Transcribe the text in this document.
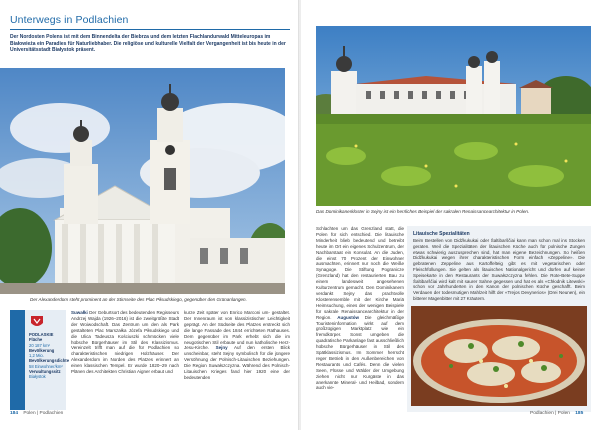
Unterwegs in Podlachien
Der Nordosten Polens ist mit dem Binnendelta der Biebrza und dem letzten Flachlandurwald Mitteleuropas im Białowieża ein Paradies für Naturliebhaber. Die religiöse und kulturelle Vielfalt der Vergangenheit ist bis heute in der Universitätsstadt Białystok präsent.
Der Alexanderdom steht prominent an der Stirnseite des Plac Piłsudskiego, gegenüber den Grünanlangen.
INFO
PODLASKIE
Fläche
20 187 km²
Bevölkerung
1,2 Mio.
Bevölkerungsdichte
58 Einwohner/km²
Verwaltungssitz
Białystok
Suwałki Der Geburtsort des bedeutenden Regisseurs Andrzej Wajda (1926–2016) ist die zweitgrößte Stadt der Woiwodschaft. Das Zentrum um den als Park gestalteten Plac Marszałka Józefa Piłsudskiego und die Ulica Tadeusza Kościuszki schmücken viele hübsche Bürgerhäuser im Stil des Klassizismus. Vereinzelt trifft man auf die für Podlachien so charakteristischen niedrigen Holzhäuser. Der Alexanderdom im Norden des Platzes erinnert an einen klassischen Tempel. Er wurde 1820–29 nach Plänen des Architekten Christian Aigner erbaut und
kurze Zeit später von Enrico Marconi um- gestaltet. Der Innenraum ist von klassizistischer Leichtigkeit geprägt. An der Südseite des Platzes erstreckt sich die lange Fassade des 1844 errichteten Rathauses. Dem gegenüber im Park erhebt sich die im neugotischen Stil erbaute und nun katholische Herz-Jesu-Kirche. Sejny Auf den ersten Blick unscheinbar, steht Sejny symbolisch für die jüngere Versöhnung der Polnisch-Litauischen Beziehungen. Die Region Suwałszczyzna. Während des Polnisch-Litauischen Krieges fand hier 1920 eine der bedeutenden
184 Polen | Podlachien
Das Dominikanerkloster in Sejny ist ein herrliches Beispiel der sakralen Renaissancearchitektur in Polen.
Schlachten um das Grenzland statt, die Polen für sich entschied. Die litauische Minderheit blieb bedeutend und betreibt heute im Ort ein eigenes Schulzentrum, der Nachbarstaat ein Konsulat. An die Juden, die einst 70 Prozent der Einwohner ausmachten, erinnert nur noch die Weiße Synagoge. Die Stiftung Pogranicze (Grenzland) hat den restaurierten Bau zu einem landesweit angesehenen Kulturzentrum gemacht. Den Dominikanern verdankt Sejny das prachtvolle Klosterensemble mit der Kirche Mariä Heimsuchung, eines der wenigen Beispiele für sakrale Renaissancearchitektur in der Region. Augustów Die gleichmäßige Touristeninformation wirkt auf dem großzügigen Marktplatz wie ein fremdkörper. Sonst umgeben die quadratische Parkanlage fast ausschließlich hübsche Bürgerhäuser in Stil des Spätklassizismus. Im Sommer herrscht reger Betrieb in den Außenbereichen von Restaurants und Cafés. Denn die vielen Seen, Flüsse und Wälder der Umgebung ziehen nicht nur Kurgäste in das anerkannte Mineral- und Heilbad, sondern auch vie-
Litauische Spezialitäten
Beim Bestellen von Didźkukukai oder Šaltibarščiai kann man schon mal ins Stocken geraten. Weil die Spezialitäten der litauischen Küche auch für polnische Zungen etwas schwierig auszusprechen sind, hat man eigene Bezeichnungen. So heißen Didźkukukai wegen ihrer charakteristischen Form einfach «Zeppeline». Die gebratenen Zeppeline aus Kartoffelteig gibt es mit vegetarischen oder Fleischfüllungen. Sie gelten als litauisches Nationalgericht und dürfen auf keiner Speisekarte in den Restaurants der Suwałszczyzna fehlen. Die Rote-Bete-Suppe Šaltibarščiai wird kalt mit saurer Sahne gegessen und hat es als «Chłodnik Litewski» schon vor Jahrhunderten in den Kanon der polnischen Küche geschafft. Beim Verdauen der todesmutigen Mahlzeit hilft der «Trejos Devynerios» (Drei Neunen), ein bitterer Magenbitter mit 27 Kräutern.
Podlachien | Polen 185
